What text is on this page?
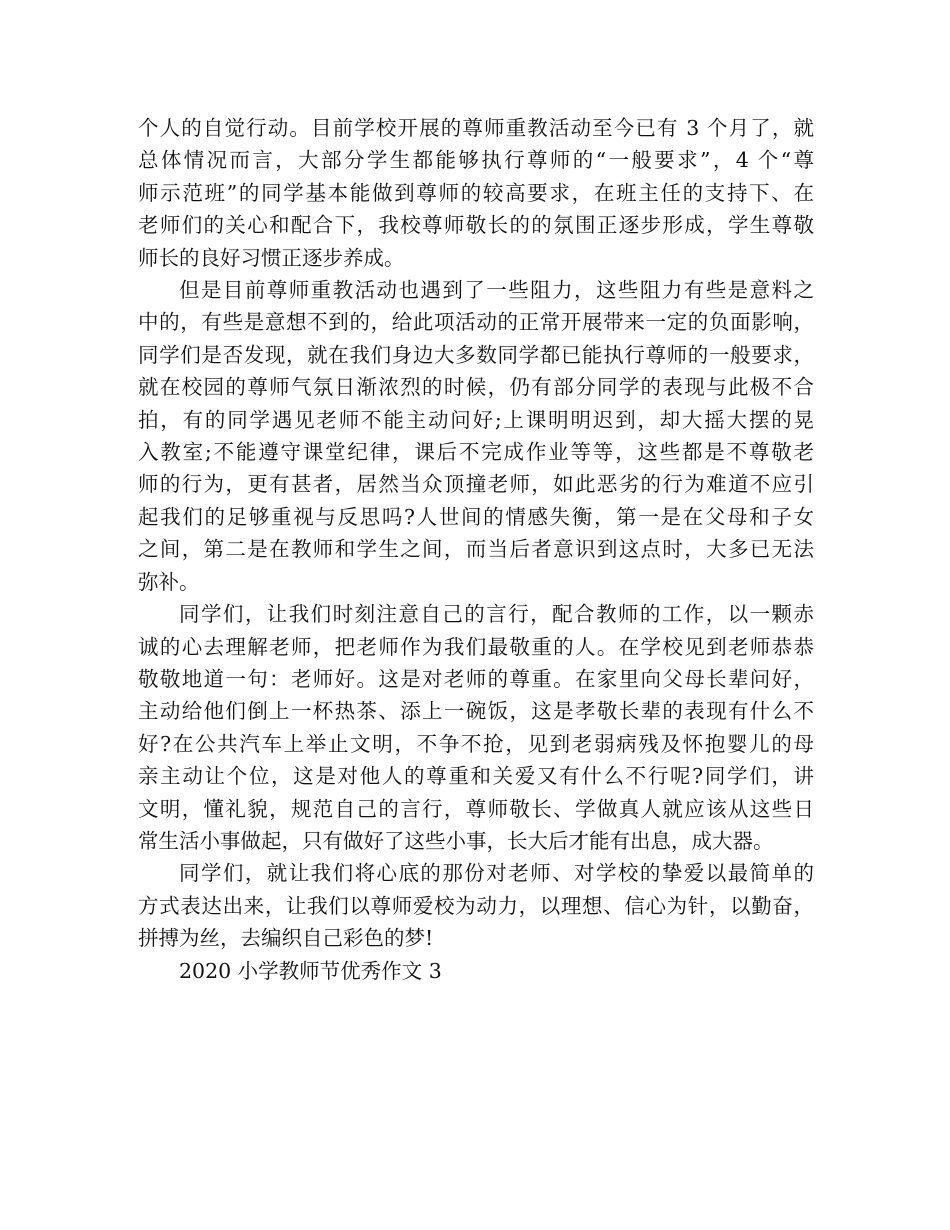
个人的自觉行动。目前学校开展的尊师重教活动至今已有 3 个月了，就
总体情况而言，大部分学生都能够执行尊师的“一般要求”，4 个“尊
师示范班”的同学基本能做到尊师的较高要求，在班主任的支持下、在
老师们的关心和配合下，我校尊师敬长的的氛围正逐步形成，学生尊敬
师长的良好习惯正逐步养成。
但是目前尊师重教活动也遇到了一些阻力，这些阻力有些是意料之
中的，有些是意想不到的，给此项活动的正常开展带来一定的负面影响，
同学们是否发现，就在我们身边大多数同学都已能执行尊师的一般要求，
就在校园的尊师气氛日渐浓烈的时候，仍有部分同学的表现与此极不合
拍，有的同学遇见老师不能主动问好;上课明明迟到，却大摇大摆的晃
入教室;不能遵守课堂纪律，课后不完成作业等等，这些都是不尊敬老
师的行为，更有甚者，居然当众顶撞老师，如此恶劣的行为难道不应引
起我们的足够重视与反思吗?人世间的情感失衡，第一是在父母和子女
之间，第二是在教师和学生之间，而当后者意识到这点时，大多已无法
弥补。
同学们，让我们时刻注意自己的言行，配合教师的工作，以一颗赤
诚的心去理解老师，把老师作为我们最敬重的人。在学校见到老师恭恭
敬敬地道一句：老师好。这是对老师的尊重。在家里向父母长辈问好，
主动给他们倒上一杯热茶、添上一碗饭，这是孝敬长辈的表现有什么不
好?在公共汽车上举止文明，不争不抢，见到老弱病残及怀抱婴儿的母
亲主动让个位，这是对他人的尊重和关爱又有什么不行呢?同学们，讲
文明，懂礼貌，规范自己的言行，尊师敬长、学做真人就应该从这些日
常生活小事做起，只有做好了这些小事，长大后才能有出息，成大器。
同学们，就让我们将心底的那份对老师、对学校的挚爱以最简单的
方式表达出来，让我们以尊师爱校为动力，以理想、信心为针，以勤奋，
拼搏为丝，去编织自己彩色的梦!
2020 小学教师节优秀作文 3
